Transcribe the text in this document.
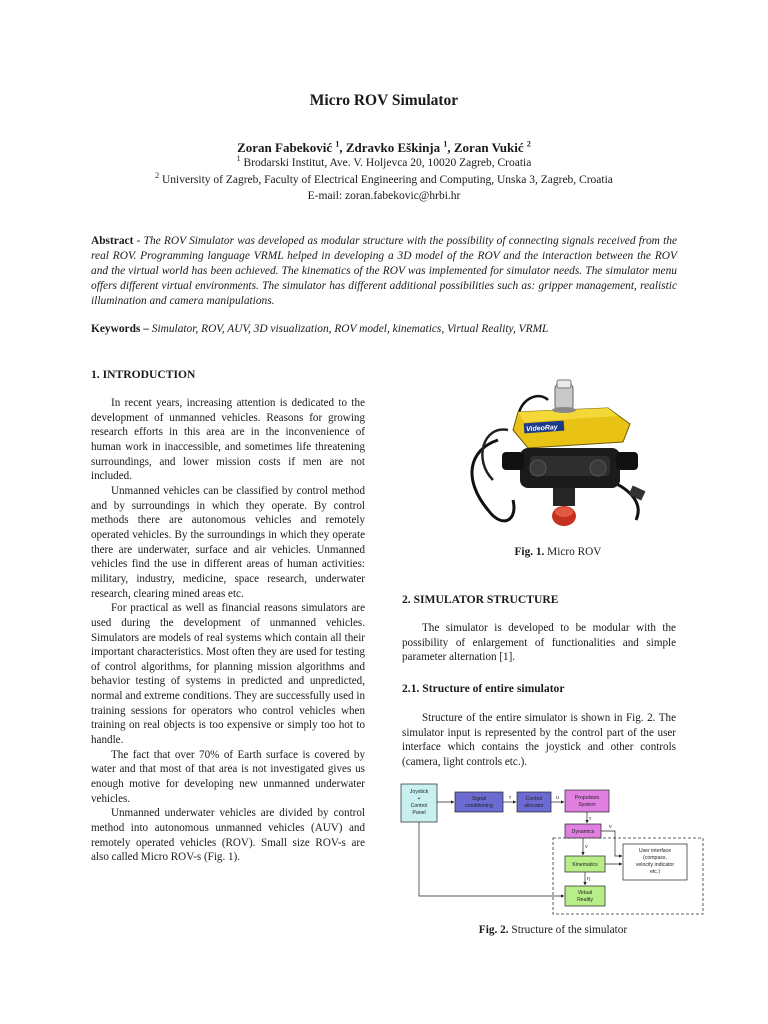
Micro ROV Simulator
Zoran Fabeković $^1$, Zdravko Eškinja $^1$, Zoran Vukić $^2$
$^1$ Brodarski Institut, Ave. V. Holjevca 20, 10020 Zagreb, Croatia
$^2$ University of Zagreb, Faculty of Electrical Engineering and Computing, Unska 3, Zagreb, Croatia
E-mail: zoran.fabekovic@hrbi.hr
Abstract - The ROV Simulator was developed as modular structure with the possibility of connecting signals received from the real ROV. Programming language VRML helped in developing a 3D model of the ROV and the interaction between the ROV and the virtual world has been achieved. The kinematics of the ROV was implemented for simulator needs. The simulator menu offers different virtual environments. The simulator has different additional possibilities such as: gripper management, realistic illumination and camera manipulations.
Keywords – Simulator, ROV, AUV, 3D visualization, ROV model, kinematics, Virtual Reality, VRML
1. INTRODUCTION

In recent years, increasing attention is dedicated to the development of unmanned vehicles. Reasons for growing research efforts in this area are in the inconvenience of human work in inaccessible, and sometimes life threatening surroundings, and lower mission costs if men are not included.

Unmanned vehicles can be classified by control method and by surroundings in which they operate. By control methods there are autonomous vehicles and remotely operated vehicles. By the surroundings in which they operate there are underwater, surface and air vehicles. Unmanned vehicles find the use in different areas of human activities: military, industry, medicine, space research, underwater research, clearing mined areas etc.

For practical as well as financial reasons simulators are used during the development of unmanned vehicles. Simulators are models of real systems which contain all their important characteristics. Most often they are used for testing of control algorithms, for planning mission algorithms and behavior testing of systems in predicted and unpredicted, normal and extreme conditions. They are successfully used in training sessions for operators who control vehicles when training on real objects is too expensive or simply too hot to handle.

The fact that over 70% of Earth surface is covered by water and that most of that area is not investigated gives us enough motive for developing new unmanned underwater vehicles.

Unmanned underwater vehicles are divided by control method into autonomous unmanned vehicles (AUV) and remotely operated vehicles (ROV). Small size ROV-s are also called Micro ROV-s (Fig. 1).

VideoRay
Fig. 1. Micro ROV
2. SIMULATOR STRUCTURE

The simulator is developed to be modular with the possibility of enlargement of functionalities and simple parameter alternation [1].

2.1. Structure of entire simulator

Structure of the entire simulator is shown in Fig. 2. The simulator input is represented by the control part of the user interface which contains the joystick and other controls (camera, light controls etc.).

Joystick
+
Control
Panel
Signal
conditioning
Control
allocator
Propulsion
System
Dynamics
Kinematics
User interface
(compass,
velocity indicator
etc.)
Virtual
Reality
τ	u
τ
ν
ν
η
Fig. 2. Structure of the simulator
